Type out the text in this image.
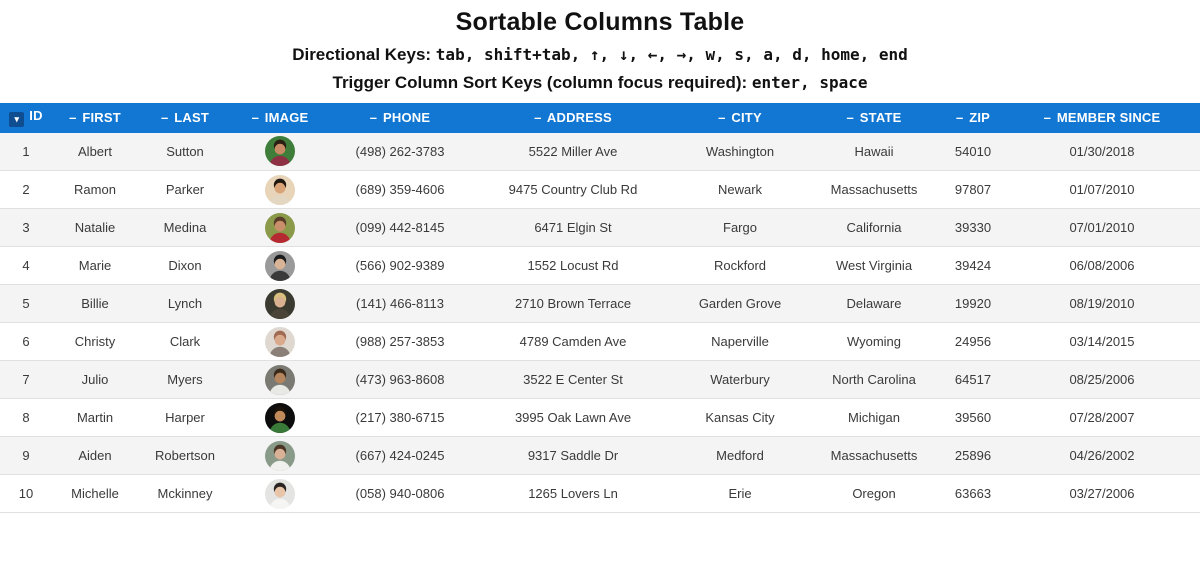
Sortable Columns Table
Directional Keys: tab, shift+tab, ↑, ↓, ←, →, w, s, a, d, home, end
Trigger Column Sort Keys (column focus required): enter, space
▾ ID	– FIRST	– LAST	– IMAGE	– PHONE	– ADDRESS	– CITY	– STATE	– ZIP	– MEMBER SINCE
1	Albert	Sutton		(498) 262-3783	5522 Miller Ave	Washington	Hawaii	54010	01/30/2018
2	Ramon	Parker		(689) 359-4606	9475 Country Club Rd	Newark	Massachusetts	97807	01/07/2010
3	Natalie	Medina		(099) 442-8145	6471 Elgin St	Fargo	California	39330	07/01/2010
4	Marie	Dixon		(566) 902-9389	1552 Locust Rd	Rockford	West Virginia	39424	06/08/2006
5	Billie	Lynch		(141) 466-8113	2710 Brown Terrace	Garden Grove	Delaware	19920	08/19/2010
6	Christy	Clark		(988) 257-3853	4789 Camden Ave	Naperville	Wyoming	24956	03/14/2015
7	Julio	Myers		(473) 963-8608	3522 E Center St	Waterbury	North Carolina	64517	08/25/2006
8	Martin	Harper		(217) 380-6715	3995 Oak Lawn Ave	Kansas City	Michigan	39560	07/28/2007
9	Aiden	Robertson		(667) 424-0245	9317 Saddle Dr	Medford	Massachusetts	25896	04/26/2002
10	Michelle	Mckinney		(058) 940-0806	1265 Lovers Ln	Erie	Oregon	63663	03/27/2006
